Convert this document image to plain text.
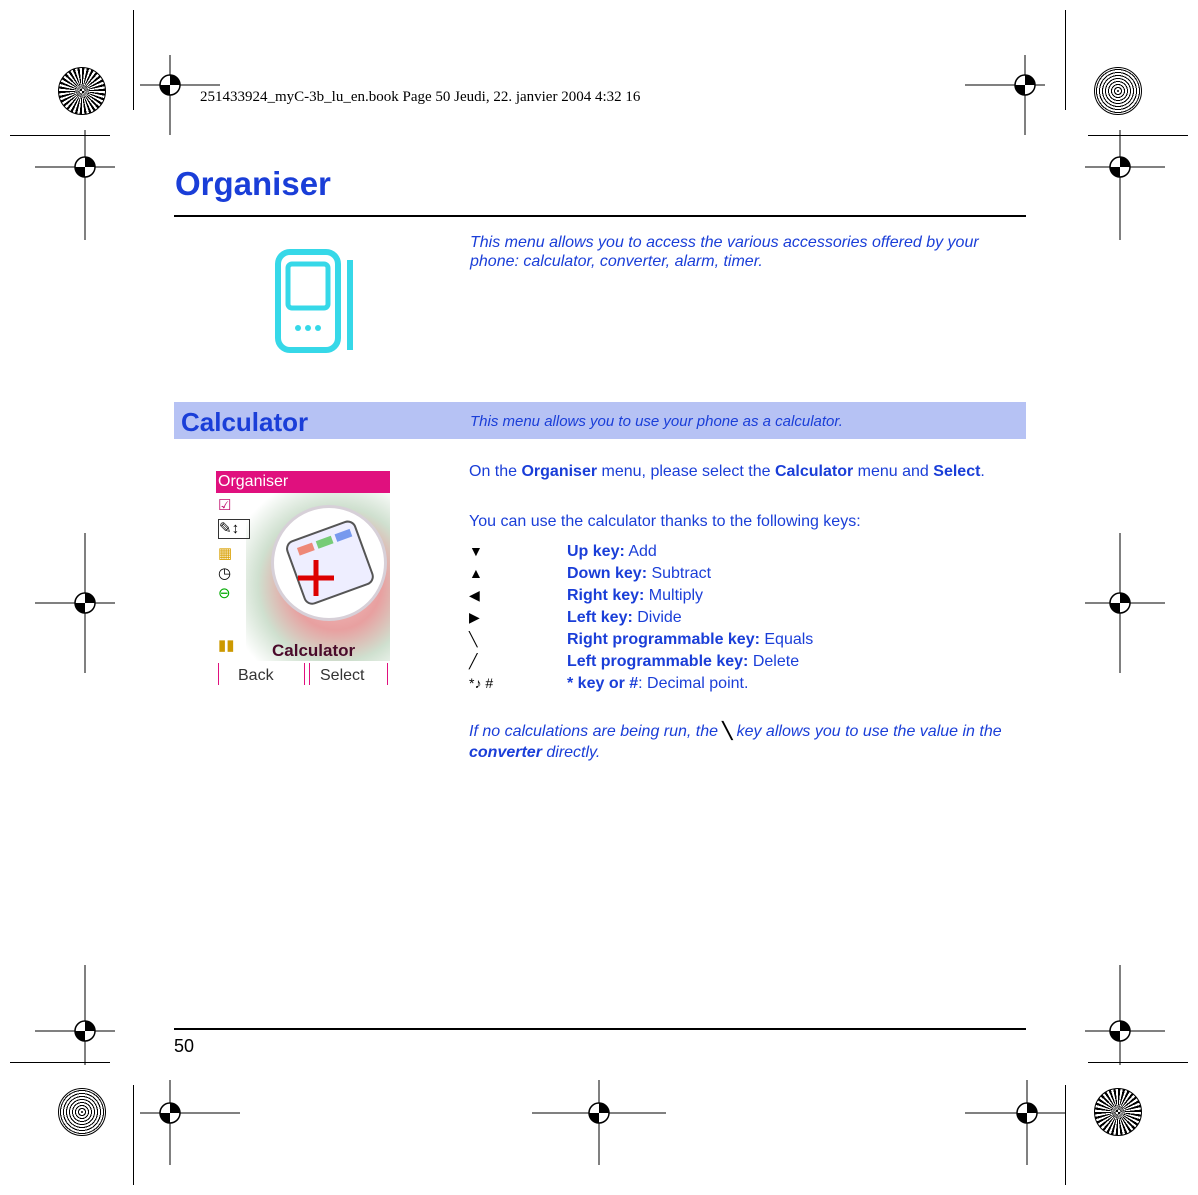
251433924_myC-3b_lu_en.book Page 50 Jeudi, 22. janvier 2004 4:32 16
Organiser
This menu allows you to access the various accessories offered by your phone: calculator, converter, alarm, timer.
Calculator	This menu allows you to use your phone as a calculator.
Organiser
☑
✎↕
▦
◷
⊖
▮▮ Calculator
Back	Select
On the Organiser menu, please select the Calculator menu and Select.
You can use the calculator thanks to the following keys:
▼	Up key: Add
▲	Down key: Subtract
◀	Right key: Multiply
▶	Left key: Divide
╲	Right programmable key: Equals
╱	Left programmable key: Delete
*♪ #	* key or #: Decimal point.
If no calculations are being run, the ╲ key allows you to use the value in the converter directly.
50
